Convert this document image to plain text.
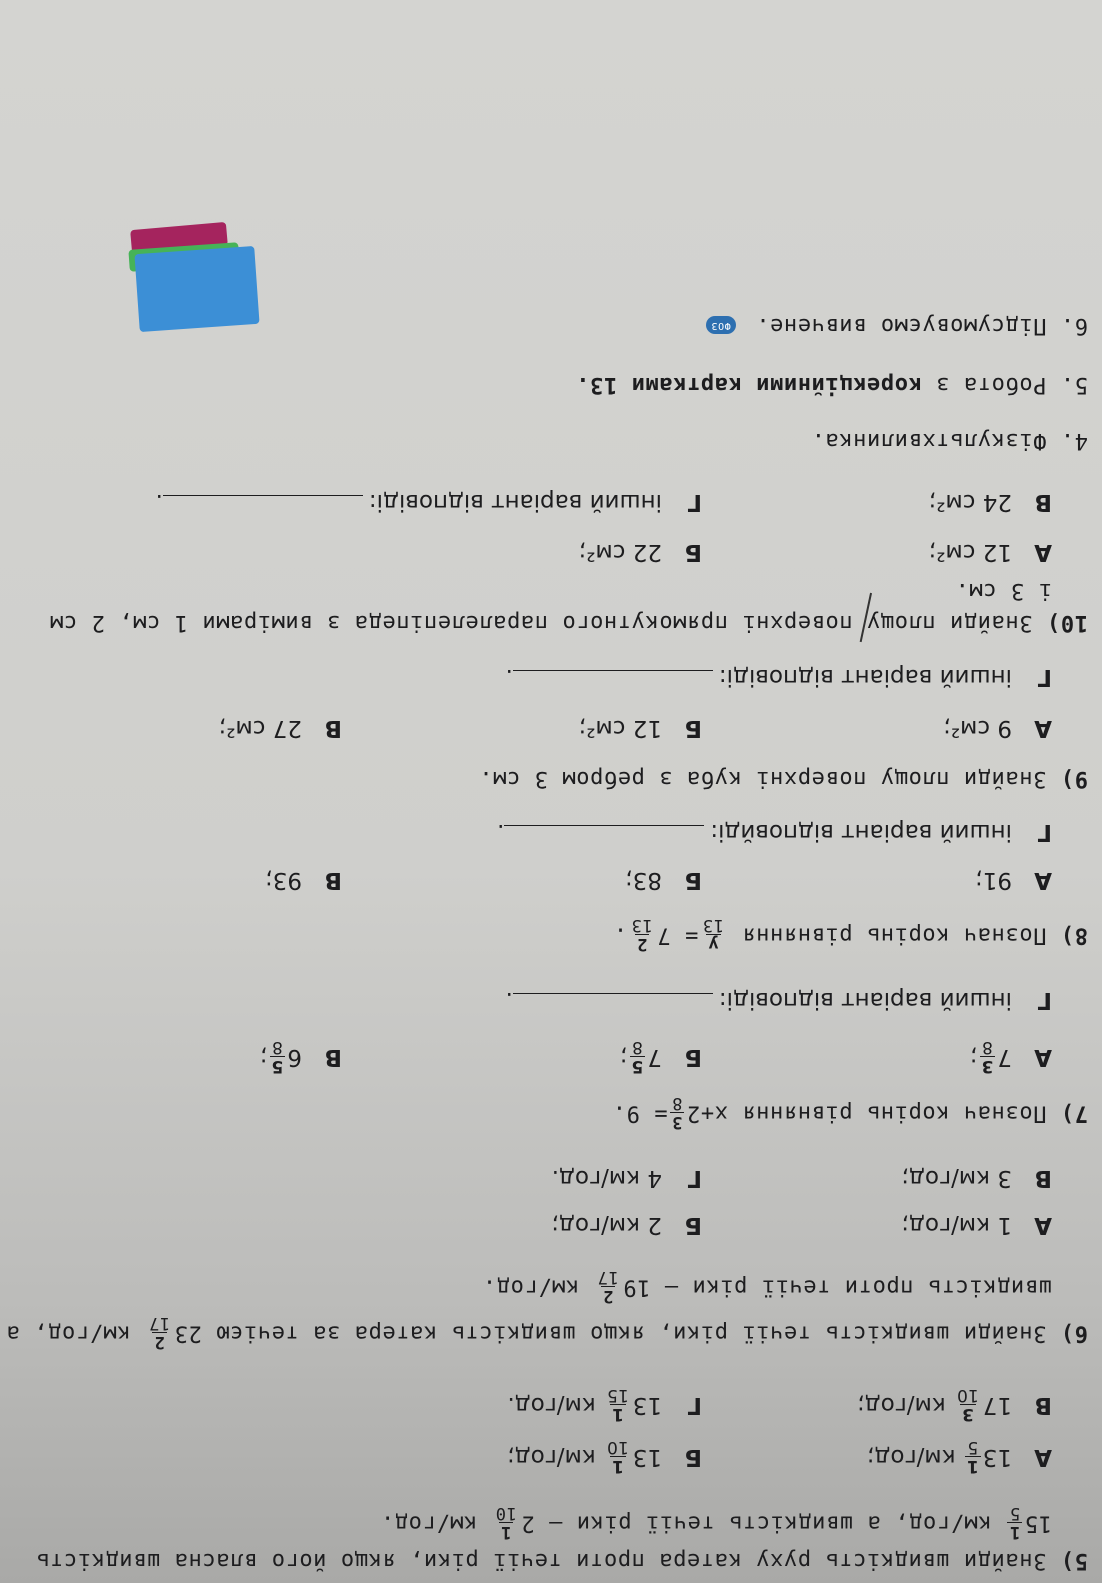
5) Знайди швидкість руху катера проти течії ріки, якщо його власна швидкість
15
1
5
км/год, а швидкість течії ріки — 2
1
10
км/год.
А13
1
5
км/год;
Б13
1
10
км/год;
В17
3
10
км/год;
Г13
1
15
км/год.
6) Знайди швидкість течії ріки, якщо швидкість катера за течією 23
2
17
км/год, а
швидкість проти течії ріки — 19
2
17
км/год.
А1 км/год;
Б2 км/год;
В3 км/год;
Г4 км/год.
7) Познач корінь рівняння x+2
3
8
= 9.
А7
3
8
;
Б7
5
8
;
В6
5
8
;
Гінший варіант відповіді:.
8) Познач корінь рівняння
y
13
= 7
2
13
.
А91;
Б83;
В93;
Гінший варіант відповйді:.
9) Знайди площу поверхні куба з ребром 3 см.
А9 см²;
Б12 см²;
В27 см²;
Гінший варіант відповіді:.
10) Знайди площу поверхні прямокутного паралелепіпеда з вимірами 1 см, 2 см
і 3 см.
А12 см²;
Б22 см²;
В24 см²;
Гінший варіант відповіді:.
4. Фізкультхвилинка.
5. Робота з корекційними картками 13.
6. Підсумовуємо вивчене. ФОЗ
